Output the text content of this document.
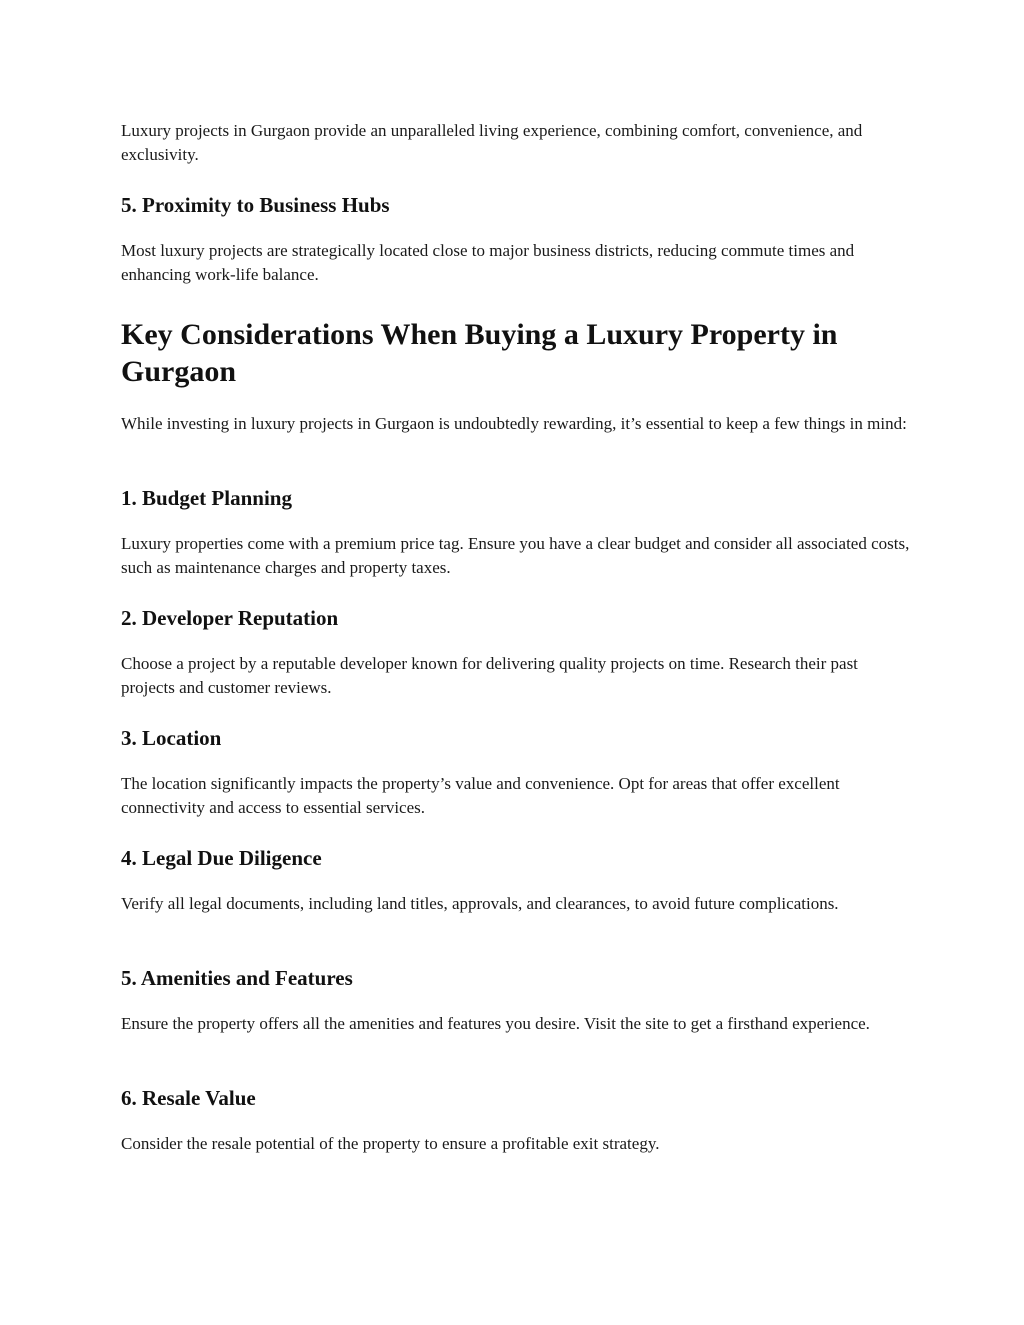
Luxury projects in Gurgaon provide an unparalleled living experience, combining comfort, convenience, and exclusivity.

5. Proximity to Business Hubs

Most luxury projects are strategically located close to major business districts, reducing commute times and enhancing work-life balance.

Key Considerations When Buying a Luxury Property in Gurgaon

While investing in luxury projects in Gurgaon is undoubtedly rewarding, it’s essential to keep a few things in mind:

1. Budget Planning

Luxury properties come with a premium price tag. Ensure you have a clear budget and consider all associated costs, such as maintenance charges and property taxes.

2. Developer Reputation

Choose a project by a reputable developer known for delivering quality projects on time. Research their past projects and customer reviews.

3. Location

The location significantly impacts the property’s value and convenience. Opt for areas that offer excellent connectivity and access to essential services.

4. Legal Due Diligence

Verify all legal documents, including land titles, approvals, and clearances, to avoid future complications.

5. Amenities and Features

Ensure the property offers all the amenities and features you desire. Visit the site to get a firsthand experience.

6. Resale Value

Consider the resale potential of the property to ensure a profitable exit strategy.
